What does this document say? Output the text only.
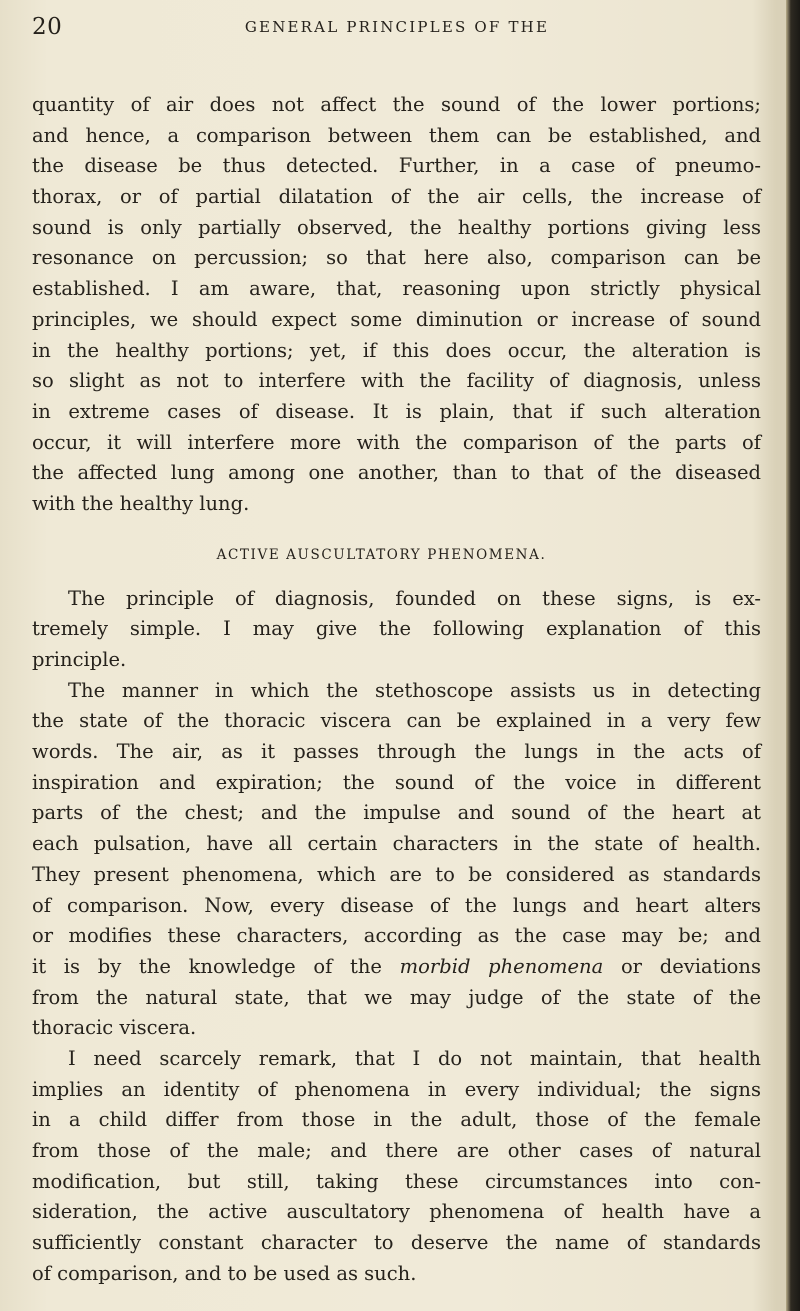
20	GENERAL PRINCIPLES OF THE
quantity of air does not affect the sound of the lower portions;
and hence, a comparison between them can be established, and
the disease be thus detected. Further, in a case of pneumo-
thorax, or of partial dilatation of the air cells, the increase of
sound is only partially observed, the healthy portions giving less
resonance on percussion; so that here also, comparison can be
established. I am aware, that, reasoning upon strictly physical
principles, we should expect some diminution or increase of sound
in the healthy portions; yet, if this does occur, the alteration is
so slight as not to interfere with the facility of diagnosis, unless
in extreme cases of disease. It is plain, that if such alteration
occur, it will interfere more with the comparison of the parts of
the affected lung among one another, than to that of the diseased
with the healthy lung.
ACTIVE AUSCULTATORY PHENOMENA.
The principle of diagnosis, founded on these signs, is ex-
tremely simple. I may give the following explanation of this
principle.
The manner in which the stethoscope assists us in detecting
the state of the thoracic viscera can be explained in a very few
words. The air, as it passes through the lungs in the acts of
inspiration and expiration; the sound of the voice in different
parts of the chest; and the impulse and sound of the heart at
each pulsation, have all certain characters in the state of health.
They present phenomena, which are to be considered as standards
of comparison. Now, every disease of the lungs and heart alters
or modifies these characters, according as the case may be; and
it is by the knowledge of the morbid phenomena or deviations
from the natural state, that we may judge of the state of the
thoracic viscera.
I need scarcely remark, that I do not maintain, that health
implies an identity of phenomena in every individual; the signs
in a child differ from those in the adult, those of the female
from those of the male; and there are other cases of natural
modification, but still, taking these circumstances into con-
sideration, the active auscultatory phenomena of health have a
sufficiently constant character to deserve the name of standards
of comparison, and to be used as such.
